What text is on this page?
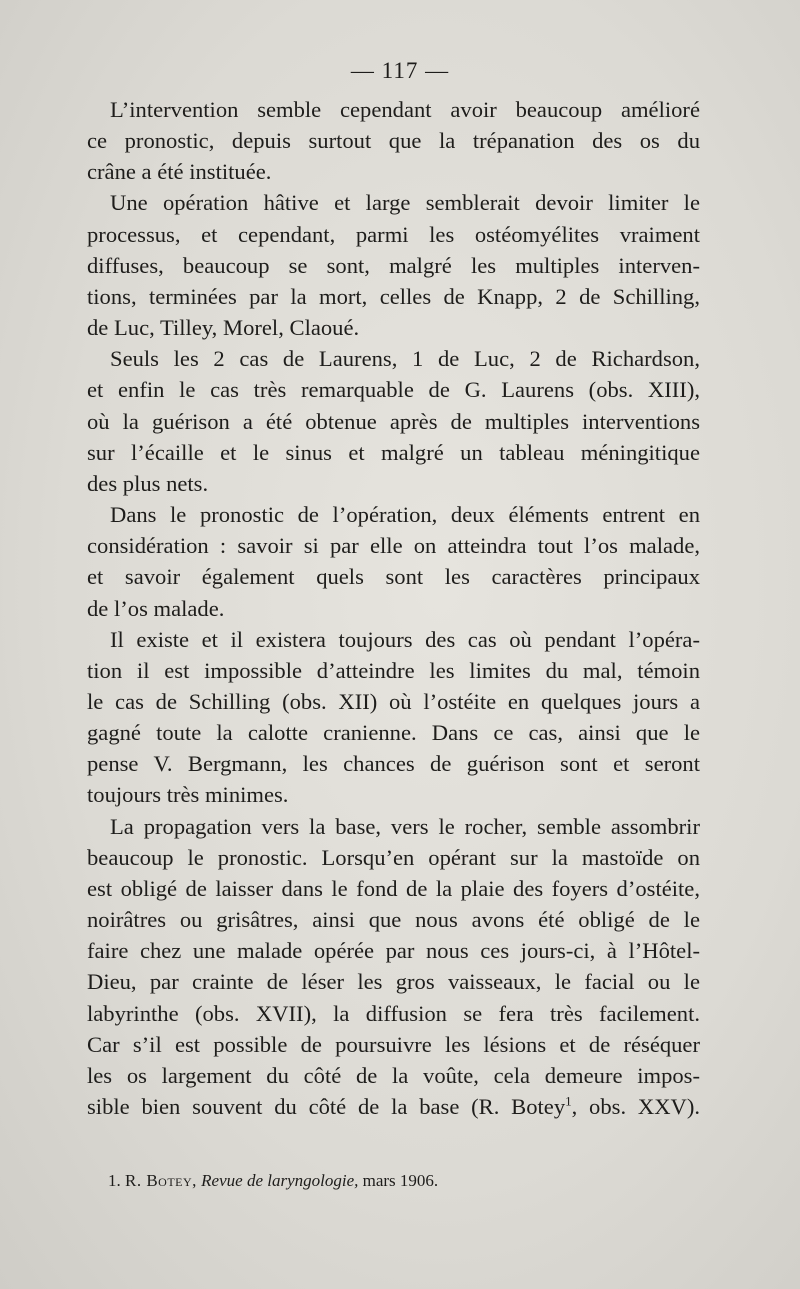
— 117 —

L’intervention semble cependant avoir beaucoup amélioré
ce pronostic, depuis surtout que la trépanation des os du
crâne a été instituée.

Une opération hâtive et large semblerait devoir limiter le
processus, et cependant, parmi les ostéomyélites vraiment
diffuses, beaucoup se sont, malgré les multiples interven-
tions, terminées par la mort, celles de Knapp, 2 de Schilling,
de Luc, Tilley, Morel, Claoué.

Seuls les 2 cas de Laurens, 1 de Luc, 2 de Richardson,
et enfin le cas très remarquable de G. Laurens (obs. XIII),
où la guérison a été obtenue après de multiples interventions
sur l’écaille et le sinus et malgré un tableau méningitique
des plus nets.

Dans le pronostic de l’opération, deux éléments entrent en
considération : savoir si par elle on atteindra tout l’os malade,
et savoir également quels sont les caractères principaux
de l’os malade.

Il existe et il existera toujours des cas où pendant l’opéra-
tion il est impossible d’atteindre les limites du mal, témoin
le cas de Schilling (obs. XII) où l’ostéite en quelques jours a
gagné toute la calotte cranienne. Dans ce cas, ainsi que le
pense V. Bergmann, les chances de guérison sont et seront
toujours très minimes.

La propagation vers la base, vers le rocher, semble assombrir
beaucoup le pronostic. Lorsqu’en opérant sur la mastoïde on
est obligé de laisser dans le fond de la plaie des foyers d’ostéite,
noirâtres ou grisâtres, ainsi que nous avons été obligé de le
faire chez une malade opérée par nous ces jours-ci, à l’Hôtel-
Dieu, par crainte de léser les gros vaisseaux, le facial ou le
labyrinthe (obs. XVII), la diffusion se fera très facilement.
Car s’il est possible de poursuivre les lésions et de réséquer
les os largement du côté de la voûte, cela demeure impos-
sible bien souvent du côté de la base (R. Botey$^1$, obs. XXV).

1. R. Botey, Revue de laryngologie, mars 1906.
